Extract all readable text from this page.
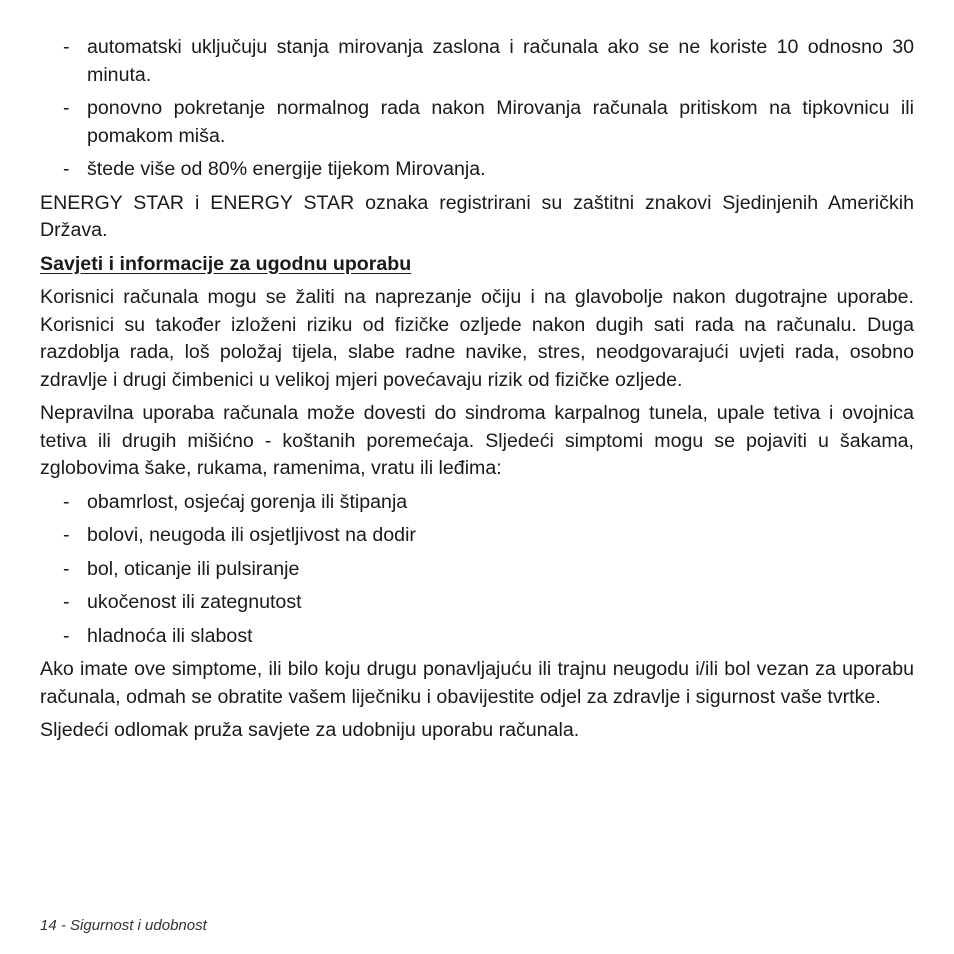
- automatski uključuju stanja mirovanja zaslona i računala ako se ne koriste 10 odnosno 30 minuta.
- ponovno pokretanje normalnog rada nakon Mirovanja računala pritiskom na tipkovnicu ili pomakom miša.
- štede više od 80% energije tijekom Mirovanja.

ENERGY STAR i ENERGY STAR oznaka registrirani su zaštitni znakovi Sjedinjenih Američkih Država.

Savjeti i informacije za ugodnu uporabu

Korisnici računala mogu se žaliti na naprezanje očiju i na glavobolje nakon dugotrajne uporabe. Korisnici su također izloženi riziku od fizičke ozljede nakon dugih sati rada na računalu. Duga razdoblja rada, loš položaj tijela, slabe radne navike, stres, neodgovarajući uvjeti rada, osobno zdravlje i drugi čimbenici u velikoj mjeri povećavaju rizik od fizičke ozljede.

Nepravilna uporaba računala može dovesti do sindroma karpalnog tunela, upale tetiva i ovojnica tetiva ili drugih mišićno - koštanih poremećaja. Sljedeći simptomi mogu se pojaviti u šakama, zglobovima šake, rukama, ramenima, vratu ili leđima:

- obamrlost, osjećaj gorenja ili štipanja
- bolovi, neugoda ili osjetljivost na dodir
- bol, oticanje ili pulsiranje
- ukočenost ili zategnutost
- hladnoća ili slabost

Ako imate ove simptome, ili bilo koju drugu ponavljajuću ili trajnu neugodu i/ili bol vezan za uporabu računala, odmah se obratite vašem liječniku i obavijestite odjel za zdravlje i sigurnost vaše tvrtke.

Sljedeći odlomak pruža savjete za udobniju uporabu računala.

14 - Sigurnost i udobnost
